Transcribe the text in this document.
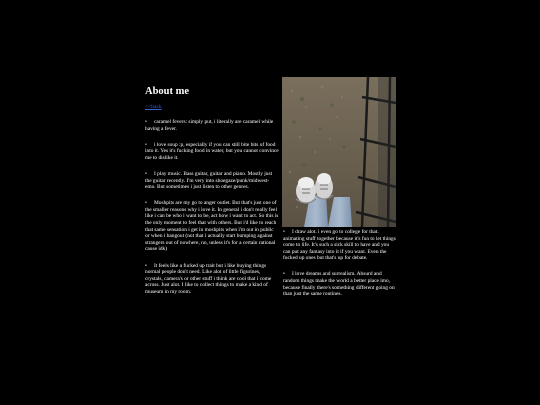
About me
<<back
• caramel fevers: simply put, i literally are caramel while having a fever.
• i love soup :p, especially if you can still bite bits of food into it. Yes it's fucking food in water, but you cannot convince me to dislike it.
• I play music. Bass guitar, guitar and piano. Mostly just the guitar recently. I'm very into shoegaze/punk/midwest-emo. But sometimes i just listen to other genres.
• Moshpits are my go to anger outlet. But that's just one of the smaller reasons why i love it. In general i don't really feel like i can be who i want to be, act how i want to act. So this is the only moment to feel that with others. But i'd like to reach that same sensation i get in moshpits when i'm out in public or when i hangout (not that i actually start bumping against strangers out of nowhere, no, unless it's for a certain rational cause idk)
• It feels like a fucked up trait but i like buying things normal people don't need. Like alot of little figurines, crystals, camera's or other stuff i think are cool that i come across. Just alot. I like to collect things to make a kind of museum in my room.
• I draw alot. i even go to college for that. animating stuff together because it's fun to let things come to life. It's such a sick skill to have and you can put any fantasy into it if you want. Even the fucked up ones but that's up for debate.
• I love dreams and surrealism. Absurd and random things make the world a better place imo, because finally there's something different going on than just the same routines.
